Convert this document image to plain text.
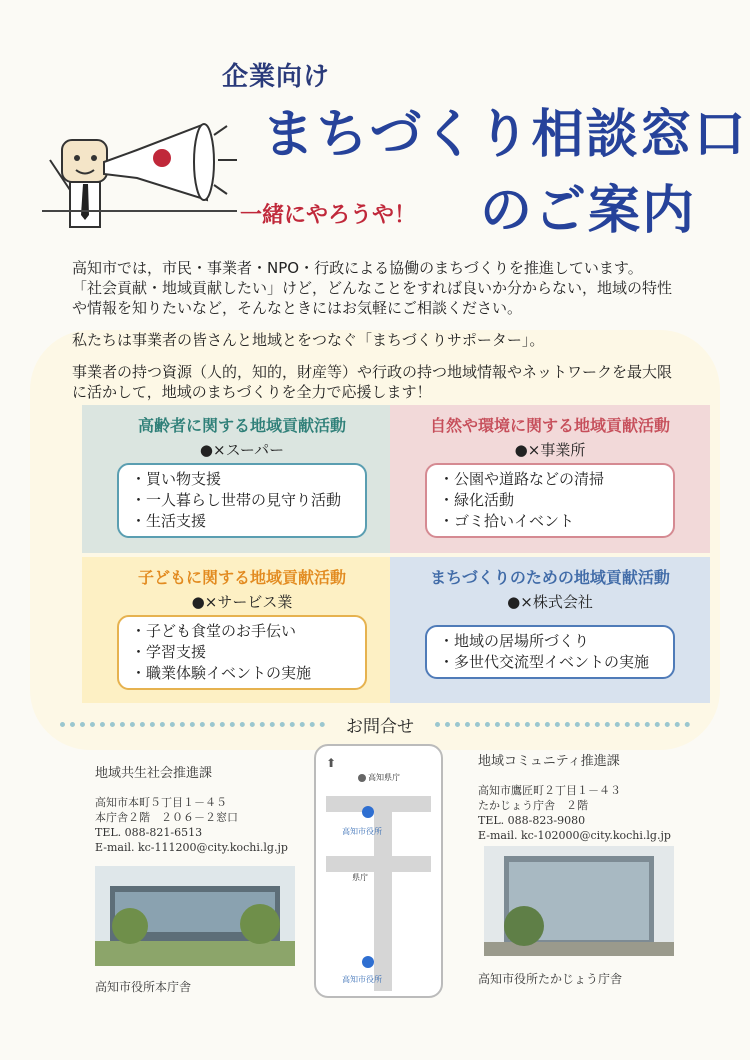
企業向け
まちづくり相談窓口
のご案内
一緒にやろうや！

高知市では，市民・事業者・NPO・行政による協働のまちづくりを推進しています。

「社会貢献・地域貢献したい」けど，どんなことをすれば良いか分からない，地域の特性

や情報を知りたいなど，そんなときにはお気軽にご相談ください。

私たちは事業者の皆さんと地域とをつなぐ「まちづくりサポーター」。

事業者の持つ資源（人的，知的，財産等）や行政の持つ地域情報やネットワークを最大限

に活かして，地域のまちづくりを全力で応援します！

高齢者に関する地域貢献活動
●×スーパー
・買い物支援
・一人暮らし世帯の見守り活動
・生活支援
自然や環境に関する地域貢献活動
●×事業所
・公園や道路などの清掃
・緑化活動
・ゴミ拾いイベント
子どもに関する地域貢献活動
●×サービス業
・子ども食堂のお手伝い
・学習支援
・職業体験イベントの実施
まちづくりのための地域貢献活動
●×株式会社
・地域の居場所づくり
・多世代交流型イベントの実施
お問合せ
地域共生社会推進課
高知市本町５丁目１－４５
本庁舎２階　２０６－２窓口
TEL. 088-821-6513
E-mail. kc-111200@city.kochi.lg.jp
高知市役所本庁舎
⬆
高知県庁
高知市役所
県庁
高知市役所
地域コミュニティ推進課
高知市鷹匠町２丁目１－４３
たかじょう庁舎　２階
TEL. 088-823-9080
E-mail. kc-102000@city.kochi.lg.jp
高知市役所たかじょう庁舎
